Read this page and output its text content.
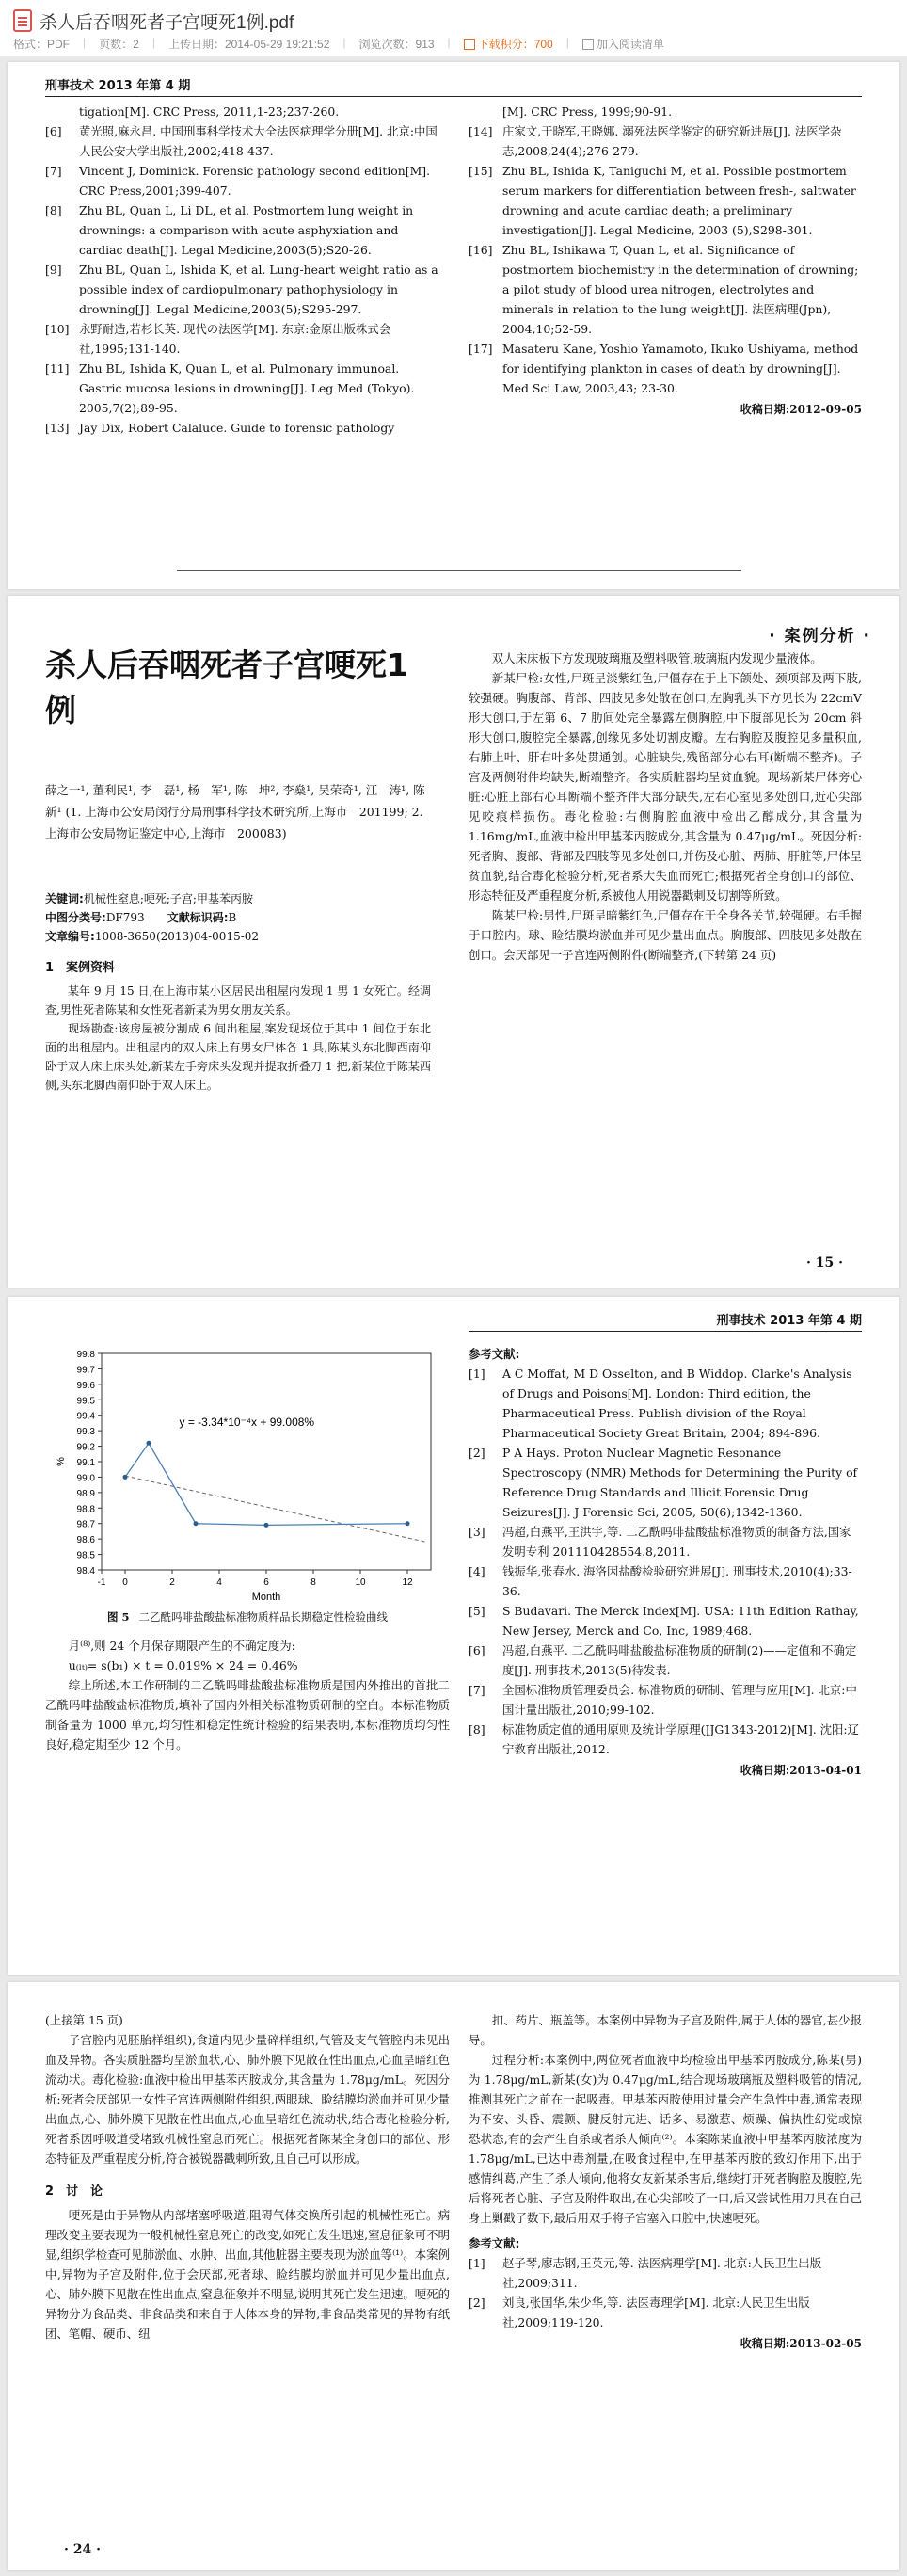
杀人后吞咽死者子宫哽死1例.pdf
格式：PDF | 页数：2 | 上传日期：2014-05-29 19:21:52 | 浏览次数：913 |	下载积分：700 |	加入阅读清单
刑事技术 2013 年第 4 期
tigation[M]. CRC Press, 2011,1-23;237-260.
[6]	黄光照,麻永昌. 中国刑事科学技术大全法医病理学分册[M]. 北京:中国人民公安大学出版社,2002;418-437.
[7]	Vincent J, Dominick. Forensic pathology second edition[M]. CRC Press,2001;399-407.
[8]	Zhu BL, Quan L, Li DL, et al. Postmortem lung weight in drownings: a comparison with acute asphyxiation and cardiac death[J]. Legal Medicine,2003(5);S20-26.
[9]	Zhu BL, Quan L, Ishida K, et al. Lung-heart weight ratio as a possible index of cardiopulmonary pathophysiology in drowning[J]. Legal Medicine,2003(5);S295-297.
[10] 永野耐造,若杉长英. 现代の法医学[M]. 东京:金原出版株式会社,1995;131-140.
[11] Zhu BL, Ishida K, Quan L, et al. Pulmonary immunoal. Gastric mucosa lesions in drowning[J]. Leg Med (Tokyo). 2005,7(2);89-95.
[13] Jay Dix, Robert Calaluce. Guide to forensic pathology
[M]. CRC Press, 1999;90-91.
[14] 庄家文,于晓军,王晓娜. 溺死法医学鉴定的研究新进展[J]. 法医学杂志,2008,24(4);276-279.
[15] Zhu BL, Ishida K, Taniguchi M, et al. Possible postmortem serum markers for differentiation between fresh-, saltwater drowning and acute cardiac death; a preliminary investigation[J]. Legal Medicine, 2003 (5),S298-301.
[16] Zhu BL, Ishikawa T, Quan L, et al. Significance of postmortem biochemistry in the determination of drowning; a pilot study of blood urea nitrogen, electrolytes and minerals in relation to the lung weight[J]. 法医病理(Jpn), 2004,10;52-59.
[17] Masateru Kane, Yoshio Yamamoto, Ikuko Ushiyama, method for identifying plankton in cases of death by drowning[J]. Med Sci Law, 2003,43; 23-30.
收稿日期:2012-09-05
· 案例分析 ·
杀人后吞咽死者子宫哽死1例
薛之一¹, 董利民¹, 李　磊¹, 杨　军¹, 陈　坤², 李燊¹, 吴荣奇¹, 江　涛¹, 陈　新¹ (1. 上海市公安局闵行分局刑事科学技术研究所,上海市　201199; 2. 上海市公安局物证鉴定中心,上海市　200083)
关键词:机械性窒息;哽死;子宫;甲基苯丙胺
中图分类号:DF793　　 文献标识码:B
文章编号:1008-3650(2013)04-0015-02
1　案例资料
某年 9 月 15 日,在上海市某小区居民出租屋内发现 1 男 1 女死亡。经调查,男性死者陈某和女性死者新某为男女朋友关系。
现场勘查:该房屋被分割成 6 间出租屋,案发现场位于其中 1 间位于东北面的出租屋内。出租屋内的双人床上有男女尸体各 1 具,陈某头东北脚西南仰卧于双人床上床头处,新某左手旁床头发现并提取折叠刀 1 把,新某位于陈某西侧,头东北脚西南仰卧于双人床上。
双人床床板下方发现玻璃瓶及塑料吸管,玻璃瓶内发现少量液体。
新某尸检:女性,尸斑呈淡紫红色,尸僵存在于上下颌处、颈项部及两下肢,较强硬。胸腹部、背部、四肢见多处散在创口,左胸乳头下方见长为 22cmV 形大创口,于左第 6、7 肋间处完全暴露左侧胸腔,中下腹部见长为 20cm 斜形大创口,腹腔完全暴露,创缘见多处切割皮瓣。左右胸腔及腹腔见多量积血,右肺上叶、肝右叶多处贯通创。心脏缺失,残留部分心右耳(断端不整齐)。子宫及两侧附件均缺失,断端整齐。各实质脏器均呈贫血貌。现场新某尸体旁心脏:心脏上部右心耳断端不整齐伴大部分缺失,左右心室见多处创口,近心尖部见咬痕样损伤。毒化检验:右侧胸腔血液中检出乙醇成分,其含量为 1.16mg/mL,血液中检出甲基苯丙胺成分,其含量为 0.47μg/mL。死因分析:死者胸、腹部、背部及四肢等见多处创口,并伤及心脏、两肺、肝脏等,尸体呈贫血貌,结合毒化检验分析,死者系大失血而死亡;根据死者全身创口的部位、形态特征及严重程度分析,系被他人用锐器戳刺及切割等所致。
陈某尸检:男性,尸斑呈暗紫红色,尸僵存在于全身各关节,较强硬。右手握于口腔内。球、睑结膜均淤血并可见少量出血点。胸腹部、四肢见多处散在创口。会厌部见一子宫连两侧附件(断端整齐,(下转第 24 页)
· 15 ·
刑事技术 2013 年第 4 期
98.4
98.5
98.6
98.7
98.8
98.9
99.0
99.1
99.2
99.3
99.4
99.5
99.6
99.7
99.8
-1 0	2	4	6	8	10	12
Month
%
y = -3.34*10⁻⁴x + 99.008%
图 5 二乙酰吗啡盐酸盐标准物质样品长期稳定性检验曲线
月⁽⁸⁾,则 24 个月保存期限产生的不确定度为:
u₍ₗₜ₎= s(b₁) × t = 0.019% × 24 = 0.46%
综上所述,本工作研制的二乙酰吗啡盐酸盐标准物质是国内外推出的首批二乙酰吗啡盐酸盐标准物质,填补了国内外相关标准物质研制的空白。本标准物质制备量为 1000 单元,均匀性和稳定性统计检验的结果表明,本标准物质均匀性良好,稳定期至少 12 个月。
参考文献:
[1]	A C Moffat, M D Osselton, and B Widdop. Clarke's Analysis of Drugs and Poisons[M]. London: Third edition, the Pharmaceutical Press. Publish division of the Royal Pharmaceutical Society Great Britain, 2004; 894-896.
[2]	P A Hays. Proton Nuclear Magnetic Resonance Spectroscopy (NMR) Methods for Determining the Purity of Reference Drug Standards and Illicit Forensic Drug Seizures[J]. J Forensic Sci, 2005, 50(6);1342-1360.
[3]	冯超,白燕平,王洪宇,等. 二乙酰吗啡盐酸盐标准物质的制备方法,国家发明专利 201110428554.8,2011.
[4]	钱振华,张春水. 海洛因盐酸检验研究进展[J]. 刑事技术,2010(4);33-36.
[5]	S Budavari. The Merck Index[M]. USA: 11th Edition Rathay, New Jersey, Merck and Co, Inc, 1989;468.
[6]	冯超,白燕平. 二乙酰吗啡盐酸盐标准物质的研制(2)——定值和不确定度[J]. 刑事技术,2013(5)待发表.
[7]	全国标准物质管理委员会. 标准物质的研制、管理与应用[M]. 北京:中国计量出版社,2010;99-102.
[8]	标准物质定值的通用原则及统计学原理(JJG1343-2012)[M]. 沈阳:辽宁教育出版社,2012.
收稿日期:2013-04-01
(上接第 15 页)
子宫腔内见胚胎样组织),食道内见少量碎样组织,气管及支气管腔内未见出血及异物。各实质脏器均呈淤血状,心、肺外膜下见散在性出血点,心血呈暗红色流动状。毒化检验:血液中检出甲基苯丙胺成分,其含量为 1.78μg/mL。死因分析:死者会厌部见一女性子宫连两侧附件组织,两眼球、睑结膜均淤血并可见少量出血点,心、肺外膜下见散在性出血点,心血呈暗红色流动状,结合毒化检验分析,死者系因呼吸道受堵致机械性窒息而死亡。根据死者陈某全身创口的部位、形态特征及严重程度分析,符合被锐器戳刺所致,且自己可以形成。
2　讨　论
哽死是由于异物从内部堵塞呼吸道,阻碍气体交换所引起的机械性死亡。病理改变主要表现为一般机械性窒息死亡的改变,如死亡发生迅速,窒息征象可不明显,组织学检查可见肺淤血、水肿、出血,其他脏器主要表现为淤血等⁽¹⁾。本案例中,异物为子宫及附件,位于会厌部,死者球、睑结膜均淤血并可见少量出血点,心、肺外膜下见散在性出血点,窒息征象并不明显,说明其死亡发生迅速。哽死的异物分为食品类、非食品类和来自于人体本身的异物,非食品类常见的异物有纸团、笔帽、硬币、纽
扣、药片、瓶盖等。本案例中异物为子宫及附件,属于人体的器官,甚少报导。
过程分析:本案例中,两位死者血液中均检验出甲基苯丙胺成分,陈某(男)为 1.78μg/mL,新某(女)为 0.47μg/mL,结合现场玻璃瓶及塑料吸管的情况,推测其死亡之前在一起吸毒。甲基苯丙胺使用过量会产生急性中毒,通常表现为不安、头昏、震颤、腱反射亢进、话多、易激惹、烦躁、偏执性幻觉或惊恐状态,有的会产生自杀或者杀人倾向⁽²⁾。本案陈某血液中甲基苯丙胺浓度为 1.78μg/mL,已达中毒剂量,在吸食过程中,在甲基苯丙胺的致幻作用下,出于感情纠葛,产生了杀人倾向,他将女友新某杀害后,继续打开死者胸腔及腹腔,先后将死者心脏、子宫及附件取出,在心尖部咬了一口,后又尝试性用刀具在自己身上剿戳了数下,最后用双手将子宫塞入口腔中,快速哽死。
参考文献:
[1]	赵子琴,廖志钢,王英元,等. 法医病理学[M]. 北京:人民卫生出版社,2009;311.
[2]	刘良,张国华,朱少华,等. 法医毒理学[M]. 北京:人民卫生出版社,2009;119-120.
收稿日期:2013-02-05
· 24 ·
